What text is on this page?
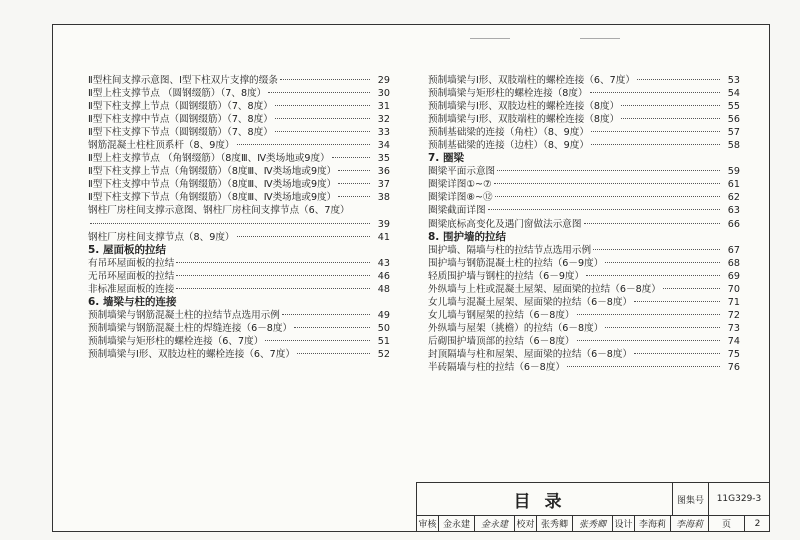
Ⅱ型柱间支撑示意图、Ⅰ型下柱双片支撑的缀条	29
Ⅱ型上柱支撑节点 （圆钢缀筋）（7、8度）	30
Ⅱ型下柱支撑上节点（圆钢缀筋）（7、8度）	31
Ⅱ型下柱支撑中节点（圆钢缀筋）（7、8度）	32
Ⅱ型下柱支撑下节点（圆钢缀筋）（7、8度）	33
钢筋混凝土柱柱顶系杆（8、9度）	34
Ⅱ型上柱支撑节点 （角钢缀筋）（8度Ⅲ、Ⅳ类场地或9度）	35
Ⅱ型下柱支撑上节点（角钢缀筋）（8度Ⅲ、Ⅳ类场地或9度）	36
Ⅱ型下柱支撑中节点（角钢缀筋）（8度Ⅲ、Ⅳ类场地或9度）	37
Ⅱ型下柱支撑下节点（角钢缀筋）（8度Ⅲ、Ⅳ类场地或9度）	38
钢柱厂房柱间支撑示意图、钢柱厂房柱间支撑节点（6、7度）
39
钢柱厂房柱间支撑节点（8、9度）	41
5. 屋面板的拉结
有吊环屋面板的拉结	43
无吊环屋面板的拉结	46
非标准屋面板的连接	48
6. 墙梁与柱的连接
预制墙梁与钢筋混凝土柱的拉结节点选用示例	49
预制墙梁与钢筋混凝土柱的焊缝连接（6－8度）	50
预制墙梁与矩形柱的螺栓连接（6、7度）	51
预制墙梁与Ⅰ形、双肢边柱的螺栓连接（6、7度）	52
预制墙梁与Ⅰ形、双肢端柱的螺栓连接（6、7度）	53
预制墙梁与矩形柱的螺栓连接（8度）	54
预制墙梁与Ⅰ形、双肢边柱的螺栓连接（8度）	55
预制墙梁与Ⅰ形、双肢端柱的螺栓连接（8度）	56
预制基础梁的连接（角柱）（8、9度）	57
预制基础梁的连接（边柱）（8、9度）	58
7. 圈梁
圈梁平面示意图	59
圈梁详图①~⑦	61
圈梁详图⑧~⑫	62
圈梁截面详图	63
圈梁底标高变化及遇门窗做法示意图	66
8. 围护墙的拉结
围护墙、隔墙与柱的拉结节点选用示例	67
围护墙与钢筋混凝土柱的拉结（6－9度）	68
轻质围护墙与钢柱的拉结（6－9度）	69
外纵墙与上柱或混凝土屋架、屋面梁的拉结（6－8度）	70
女儿墙与混凝土屋架、屋面梁的拉结（6－8度）	71
女儿墙与钢屋架的拉结（6－8度）	72
外纵墙与屋架（挑檐）的拉结（6－8度）	73
后砌围护墙顶部的拉结（6－8度）	74
封顶隔墙与柱和屋架、屋面梁的拉结（6－8度）	75
半砖隔墙与柱的拉结（6－8度）	76
目录	图集号	11G329-3
审核 金永建	金永建 校对 张秀卿	张秀卿 设计 李海莉	李海莉	页	2
